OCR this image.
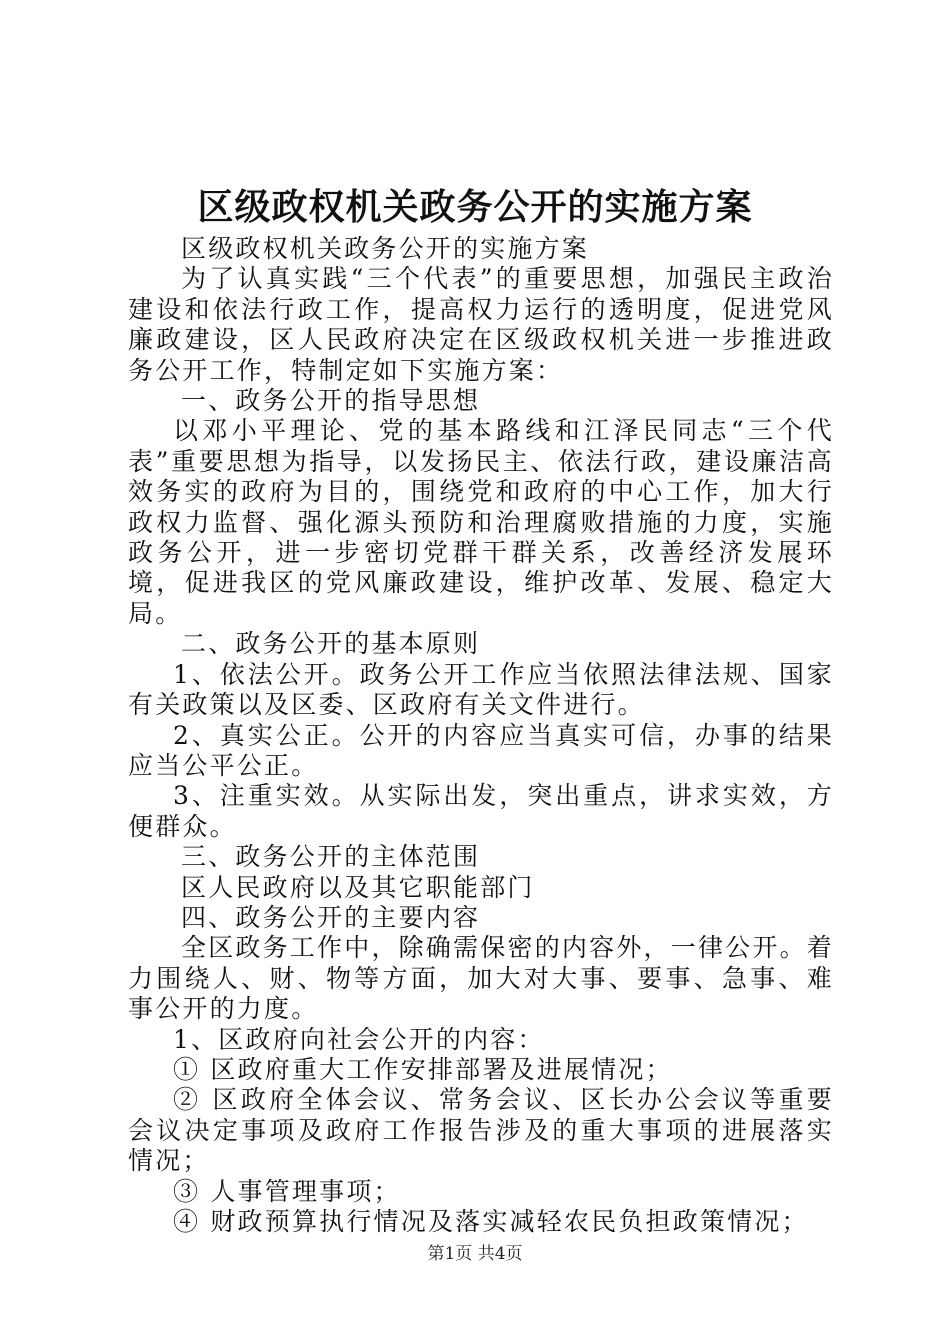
区级政权机关政务公开的实施方案

区级政权机关政务公开的实施方案

为了认真实践“三个代表”的重要思想，加强民主政治建设和依法行政工作，提高权力运行的透明度，促进党风廉政建设，区人民政府决定在区级政权机关进一步推进政务公开工作，特制定如下实施方案：

一、政务公开的指导思想

以邓小平理论、党的基本路线和江泽民同志“三个代表”重要思想为指导，以发扬民主、依法行政，建设廉洁高效务实的政府为目的，围绕党和政府的中心工作，加大行政权力监督、强化源头预防和治理腐败措施的力度，实施政务公开，进一步密切党群干群关系，改善经济发展环境，促进我区的党风廉政建设，维护改革、发展、稳定大局。

二、政务公开的基本原则

1、依法公开。政务公开工作应当依照法律法规、国家有关政策以及区委、区政府有关文件进行。

2、真实公正。公开的内容应当真实可信，办事的结果应当公平公正。

3、注重实效。从实际出发，突出重点，讲求实效，方便群众。

三、政务公开的主体范围

区人民政府以及其它职能部门

四、政务公开的主要内容

全区政务工作中，除确需保密的内容外，一律公开。着力围绕人、财、物等方面，加大对大事、要事、急事、难事公开的力度。

1、区政府向社会公开的内容：

① 区政府重大工作安排部署及进展情况；

② 区政府全体会议、常务会议、区长办公会议等重要会议决定事项及政府工作报告涉及的重大事项的进展落实情况；

③ 人事管理事项；

④ 财政预算执行情况及落实减轻农民负担政策情况；

第1页 共4页
